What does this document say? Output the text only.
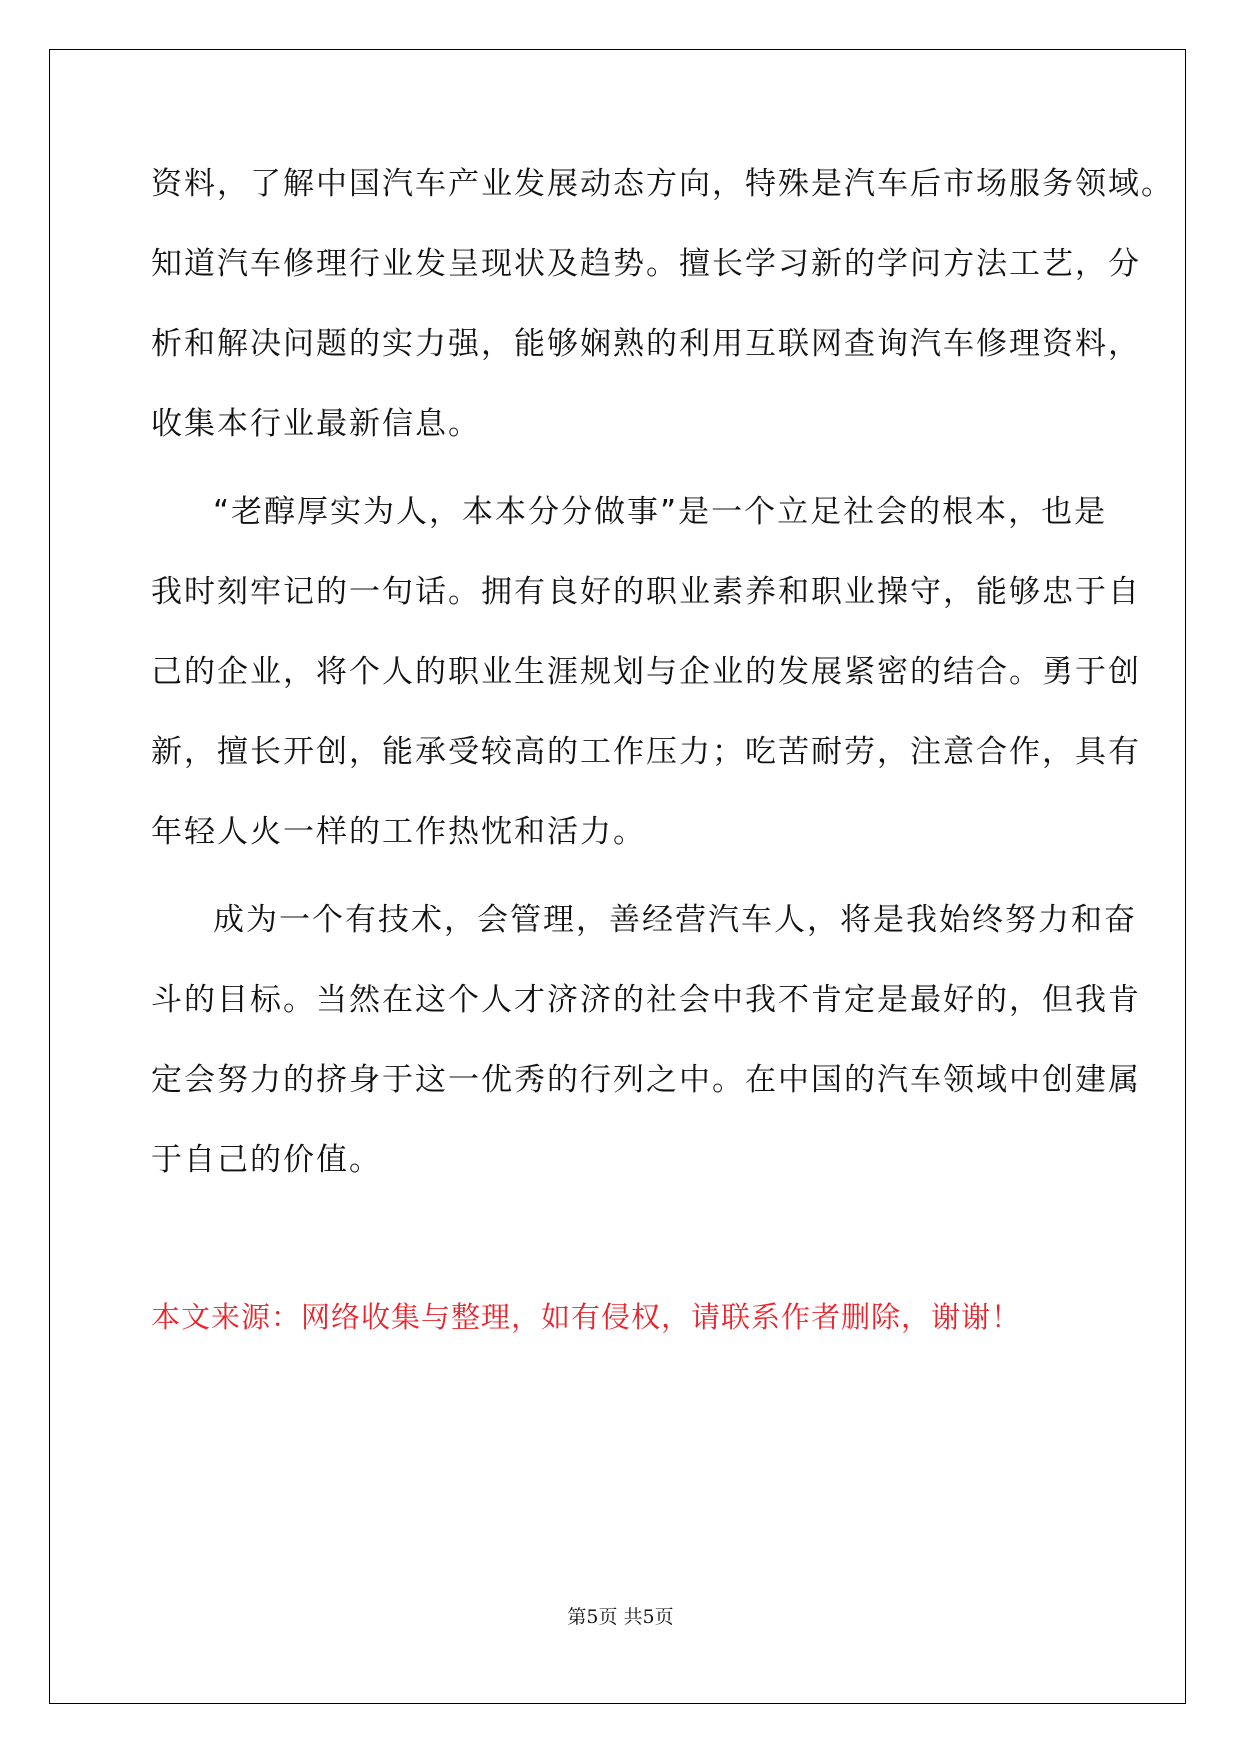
资料，了解中国汽车产业发展动态方向，特殊是汽车后市场服务领域。
知道汽车修理行业发呈现状及趋势。擅长学习新的学问方法工艺，分
析和解决问题的实力强，能够娴熟的利用互联网查询汽车修理资料，
收集本行业最新信息。
“老醇厚实为人，本本分分做事”是一个立足社会的根本，也是
我时刻牢记的一句话。拥有良好的职业素养和职业操守，能够忠于自
己的企业，将个人的职业生涯规划与企业的发展紧密的结合。勇于创
新，擅长开创，能承受较高的工作压力；吃苦耐劳，注意合作，具有
年轻人火一样的工作热忱和活力。
成为一个有技术，会管理，善经营汽车人，将是我始终努力和奋
斗的目标。当然在这个人才济济的社会中我不肯定是最好的，但我肯
定会努力的挤身于这一优秀的行列之中。在中国的汽车领域中创建属
于自己的价值。
本文来源：网络收集与整理，如有侵权，请联系作者删除，谢谢！
第5页 共5页
